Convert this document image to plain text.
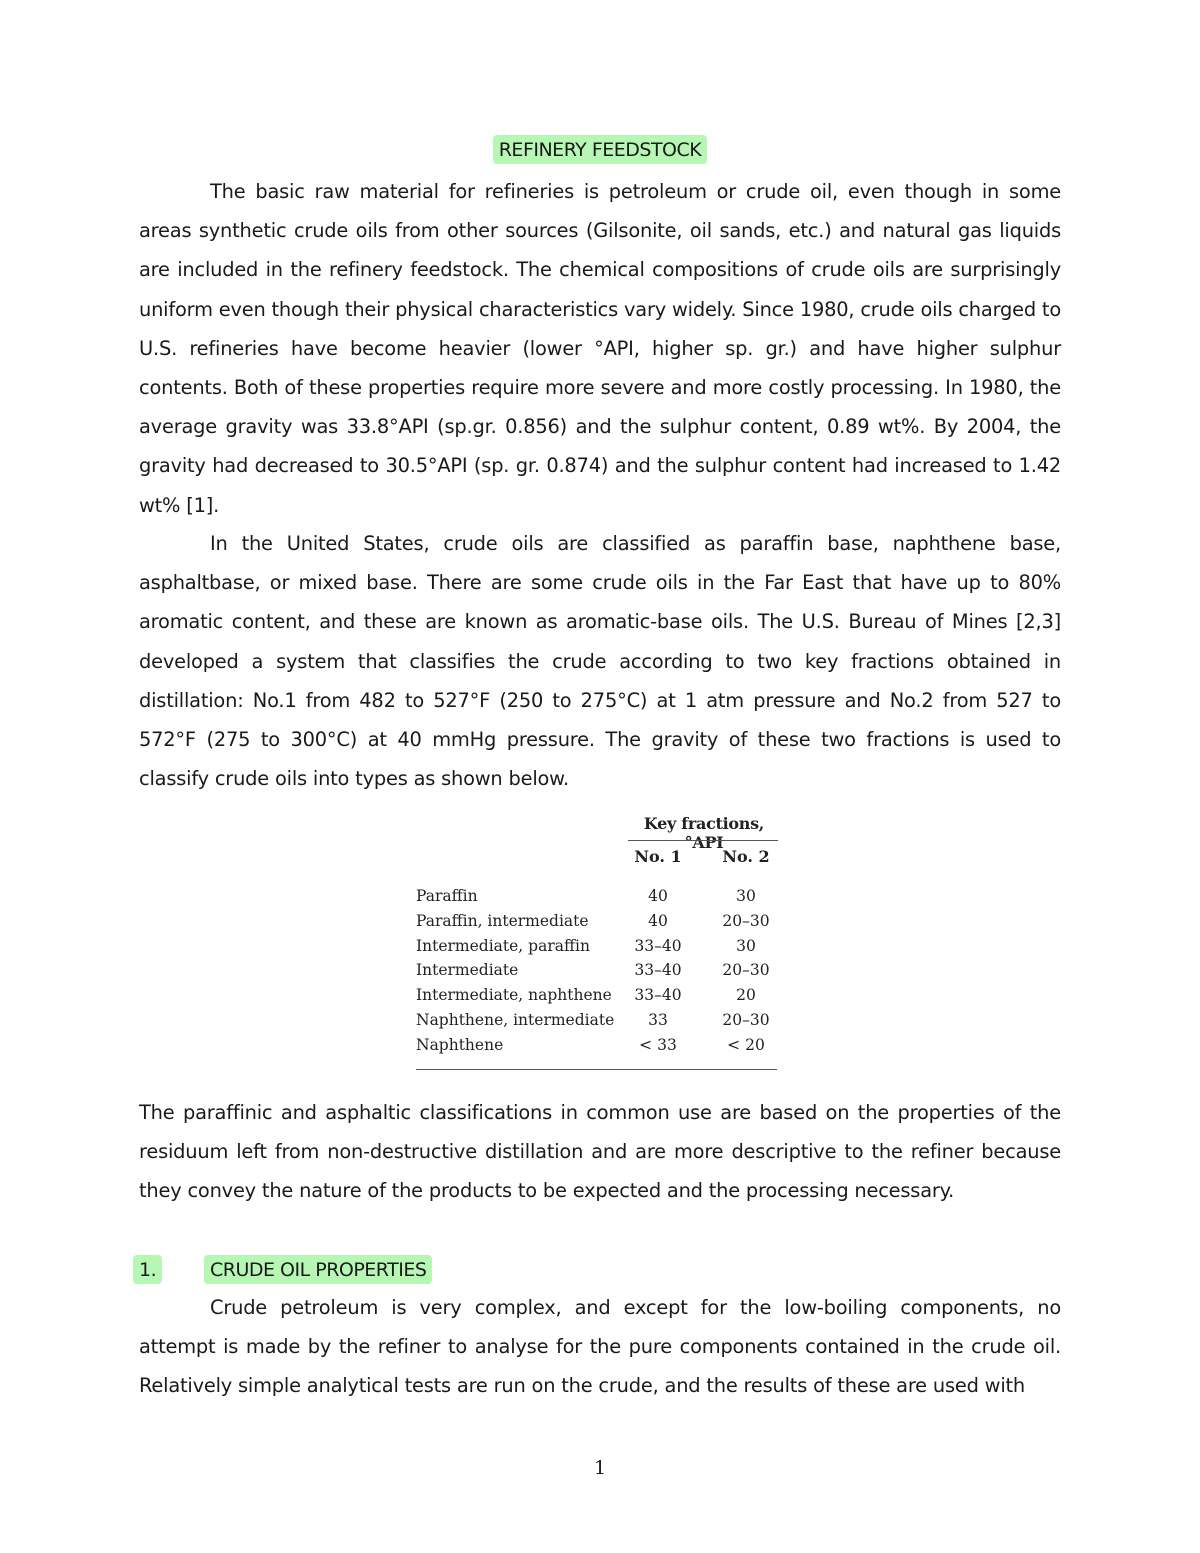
REFINERY FEEDSTOCK

The basic raw material for refineries is petroleum or crude oil, even though in some areas synthetic crude oils from other sources (Gilsonite, oil sands, etc.) and natural gas liquids are included in the refinery feedstock. The chemical compositions of crude oils are surprisingly uniform even though their physical characteristics vary widely. Since 1980, crude oils charged to U.S. refineries have become heavier (lower °API, higher sp. gr.) and have higher sulphur contents. Both of these properties require more severe and more costly processing. In 1980, the average gravity was 33.8°API (sp.gr. 0.856) and the sulphur content, 0.89 wt%. By 2004, the gravity had decreased to 30.5°API (sp. gr. 0.874) and the sulphur content had increased to 1.42 wt% [1].

In the United States, crude oils are classified as paraffin base, naphthene base, asphaltbase, or mixed base. There are some crude oils in the Far East that have up to 80% aromatic content, and these are known as aromatic-base oils. The U.S. Bureau of Mines [2,3] developed a system that classifies the crude according to two key fractions obtained in distillation: No.1 from 482 to 527°F (250 to 275°C) at 1 atm pressure and No.2 from 527 to 572°F (275 to 300°C) at 40 mmHg pressure. The gravity of these two fractions is used to classify crude oils into types as shown below.

Key fractions, °API
No. 1	No. 2
Paraffin	40	30
Paraffin, intermediate	40	20–30
Intermediate, paraffin	33–40	30
Intermediate	33–40	20–30
Intermediate, naphthene	33–40	20
Naphthene, intermediate	33	20–30
Naphthene	< 33	< 20

The paraffinic and asphaltic classifications in common use are based on the properties of the residuum left from non-destructive distillation and are more descriptive to the refiner because they convey the nature of the products to be expected and the processing necessary.

1.	CRUDE OIL PROPERTIES

Crude petroleum is very complex, and except for the low-boiling components, no attempt is made by the refiner to analyse for the pure components contained in the crude oil. Relatively simple analytical tests are run on the crude, and the results of these are used with

1
